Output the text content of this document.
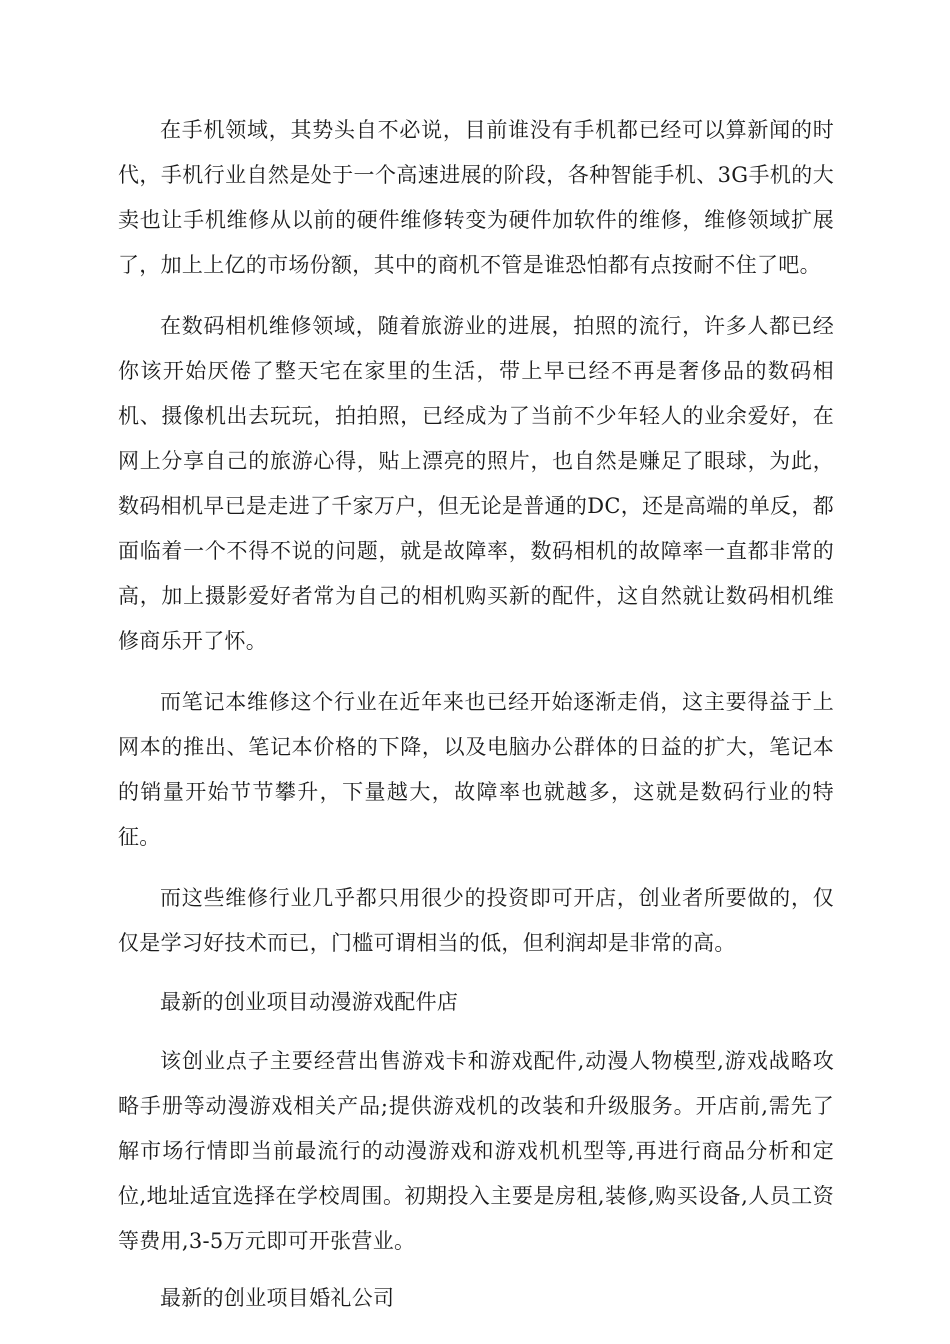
在手机领域，其势头自不必说，目前谁没有手机都已经可以算新闻的时代，手机行业自然是处于一个高速进展的阶段，各种智能手机、3G手机的大卖也让手机维修从以前的硬件维修转变为硬件加软件的维修，维修领域扩展了，加上上亿的市场份额，其中的商机不管是谁恐怕都有点按耐不住了吧。

在数码相机维修领域，随着旅游业的进展，拍照的流行，许多人都已经你该开始厌倦了整天宅在家里的生活，带上早已经不再是奢侈品的数码相机、摄像机出去玩玩，拍拍照，已经成为了当前不少年轻人的业余爱好，在网上分享自己的旅游心得，贴上漂亮的照片，也自然是赚足了眼球，为此，数码相机早已是走进了千家万户，但无论是普通的DC，还是高端的单反，都面临着一个不得不说的问题，就是故障率，数码相机的故障率一直都非常的高，加上摄影爱好者常为自己的相机购买新的配件，这自然就让数码相机维修商乐开了怀。

而笔记本维修这个行业在近年来也已经开始逐渐走俏，这主要得益于上网本的推出、笔记本价格的下降，以及电脑办公群体的日益的扩大，笔记本的销量开始节节攀升，下量越大，故障率也就越多，这就是数码行业的特征。

而这些维修行业几乎都只用很少的投资即可开店，创业者所要做的，仅仅是学习好技术而已，门槛可谓相当的低，但利润却是非常的高。

最新的创业项目动漫游戏配件店

该创业点子主要经营出售游戏卡和游戏配件,动漫人物模型,游戏战略攻略手册等动漫游戏相关产品;提供游戏机的改装和升级服务。开店前,需先了解市场行情即当前最流行的动漫游戏和游戏机机型等,再进行商品分析和定位,地址适宜选择在学校周围。初期投入主要是房租,装修,购买设备,人员工资等费用,3-5万元即可开张营业。

最新的创业项目婚礼公司
